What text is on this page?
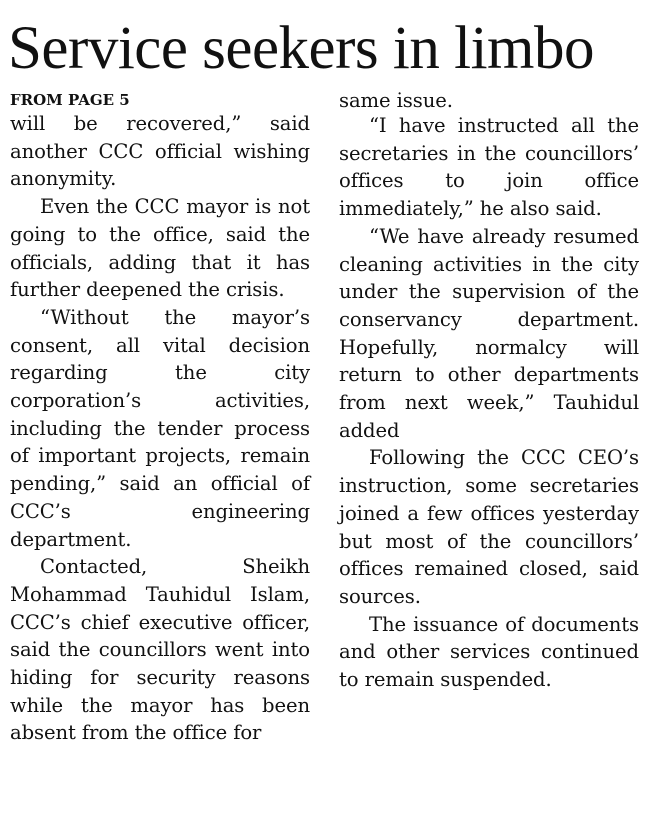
Service seekers in limbo

FROM PAGE 5

will be recovered,” said another CCC official wishing anonymity.

Even the CCC mayor is not going to the office, said the officials, adding that it has further deepened the crisis.

“Without the mayor’s consent, all vital decision regarding the city corporation’s activities, including the tender process of important projects, remain pending,” said an official of CCC’s engineering department.

Contacted, Sheikh Mohammad Tauhidul Islam, CCC’s chief executive officer, said the councillors went into hiding for security reasons while the mayor has been absent from the office for

same issue.

“I have instructed all the secretaries in the councillors’ offices to join office immediately,” he also said.

“We have already resumed cleaning activities in the city under the supervision of the conservancy department. Hopefully, normalcy will return to other departments from next week,” Tauhidul added

Following the CCC CEO’s instruction, some secretaries joined a few offices yesterday but most of the councillors’ offices remained closed, said sources.

The issuance of documents and other services continued to remain suspended.
